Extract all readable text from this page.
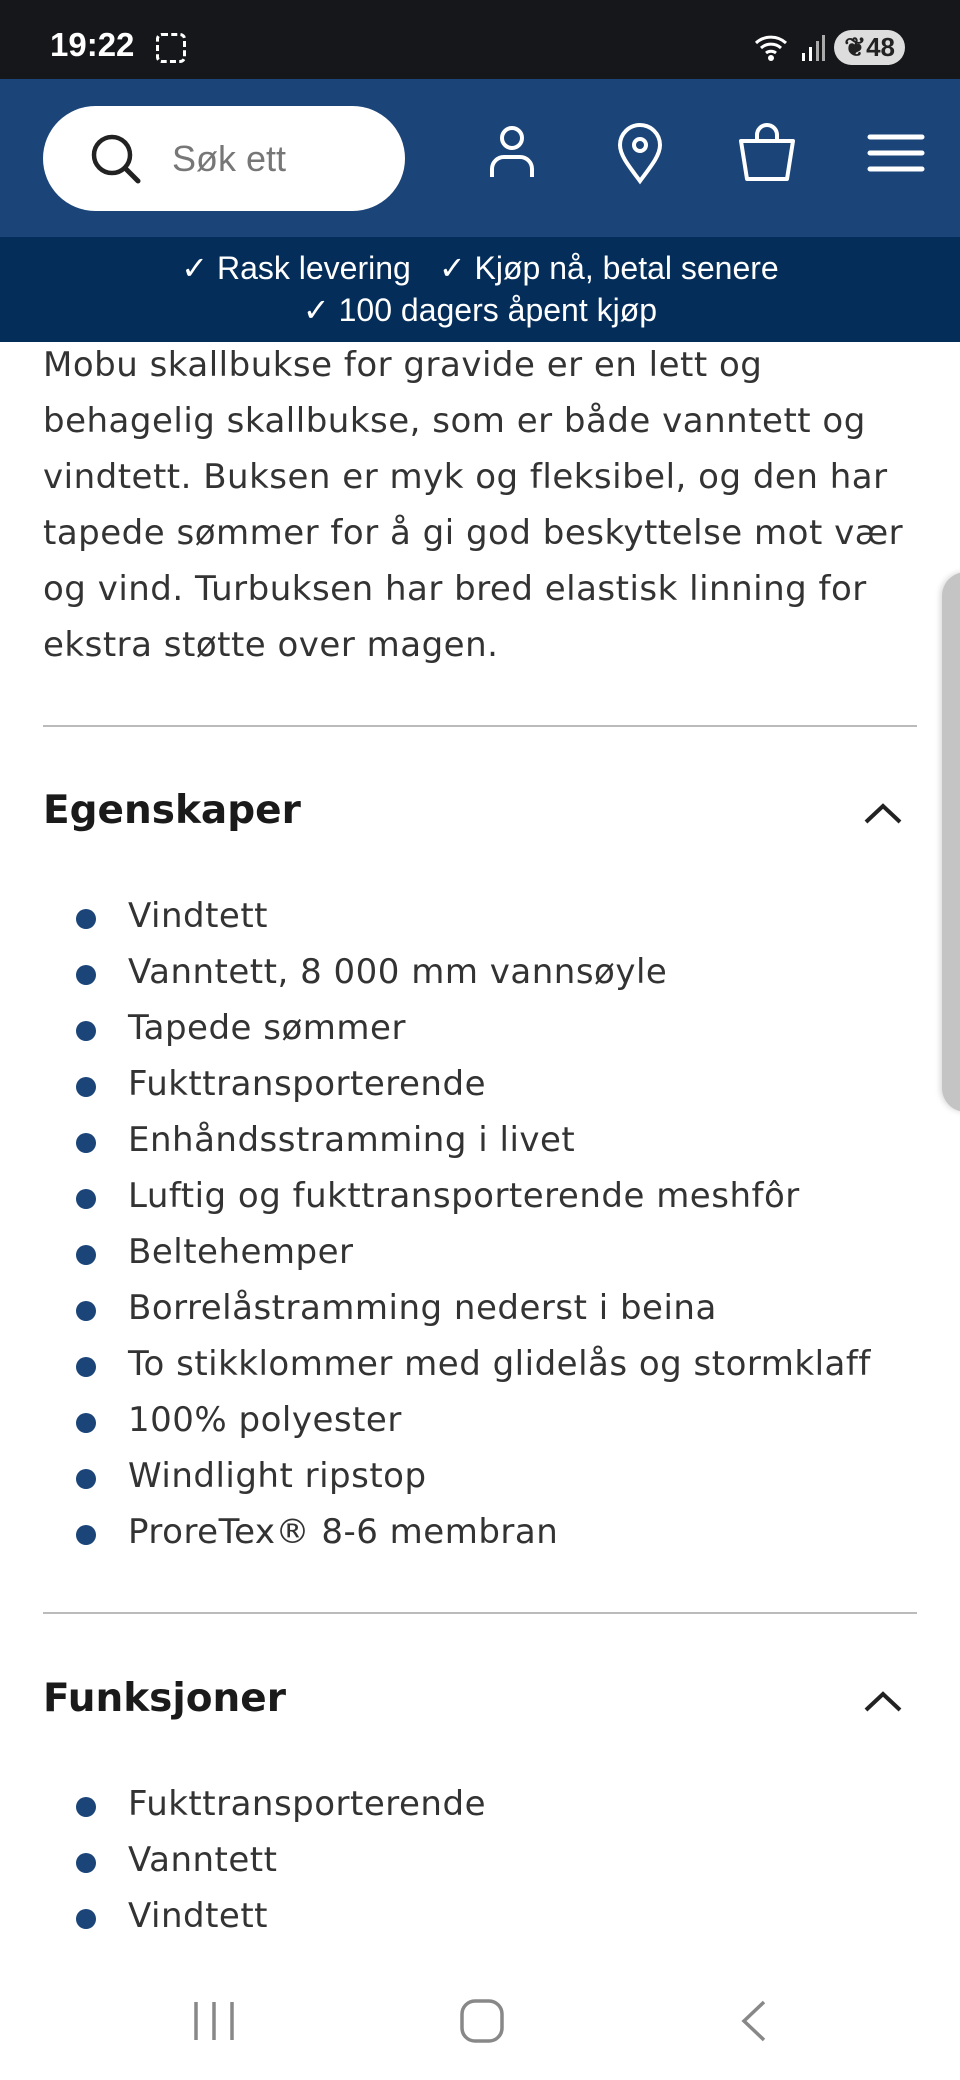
19:22	❦48
Søk ett
✓ Rask levering ✓ Kjøp nå, betal senere
✓ 100 dagers åpent kjøp

Mobu skallbukse for gravide er en lett og behagelig skallbukse, som er både vanntett og vindtett. Buksen er myk og fleksibel, og den har tapede sømmer for å gi god beskyttelse mot vær og vind. Turbuksen har bred elastisk linning for ekstra støtte over magen.

Egenskaper
Vindtett
Vanntett, 8 000 mm vannsøyle
Tapede sømmer
Fukttransporterende
Enhåndsstramming i livet
Luftig og fukttransporterende meshfôr
Beltehemper
Borrelåstramming nederst i beina
To stikklommer med glidelås og stormklaff
100% polyester
Windlight ripstop
ProreTex® 8-6 membran
Funksjoner
Fukttransporterende
Vanntett
Vindtett
